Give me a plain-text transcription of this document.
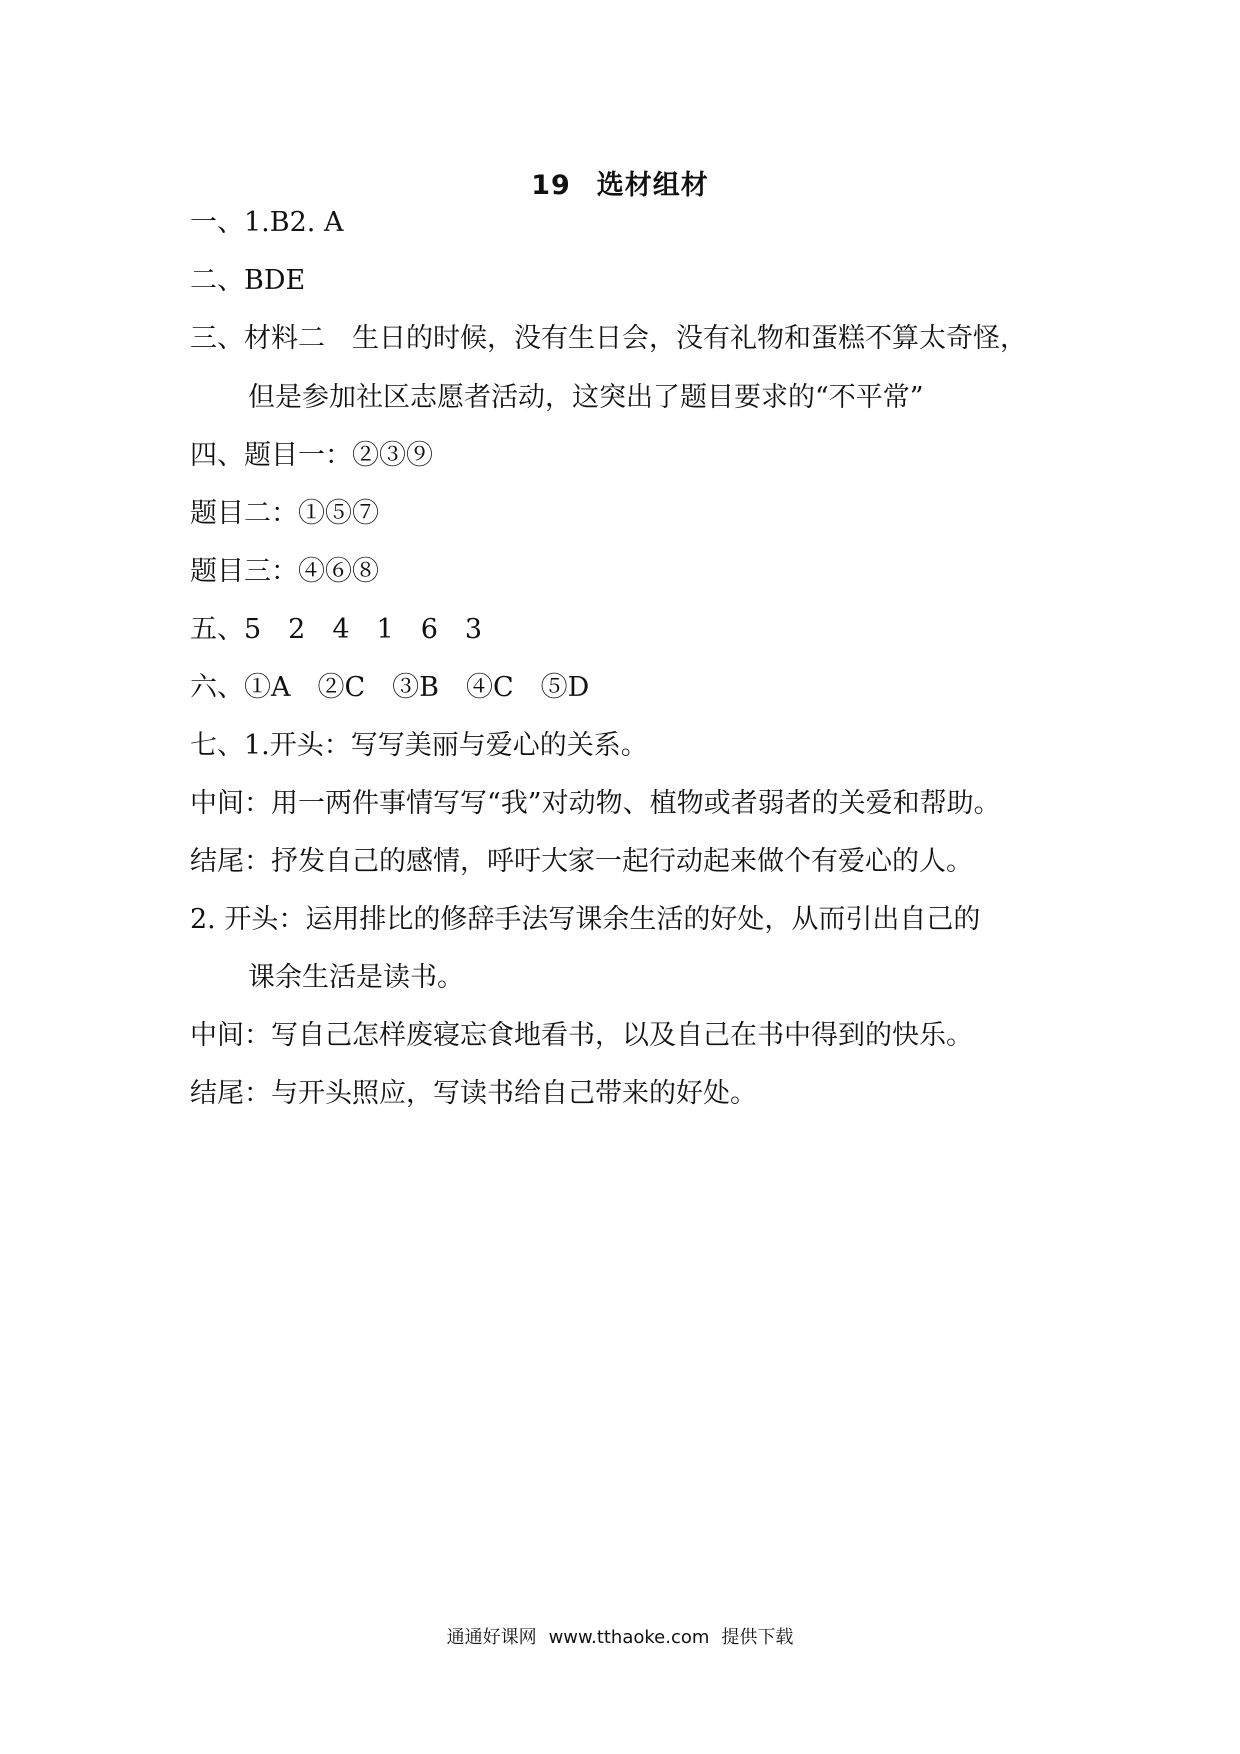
19 选材组材
一、1.B2. A
二、BDE
三、材料二　生日的时候，没有生日会，没有礼物和蛋糕不算太奇怪，
但是参加社区志愿者活动，这突出了题目要求的“不平常”
四、题目一：②③⑨
题目二：①⑤⑦
题目三：④⑥⑧
五、5　2　4　1　6　3
六、①A　②C　③B　④C　⑤D
七、1.开头：写写美丽与爱心的关系。
中间：用一两件事情写写“我”对动物、植物或者弱者的关爱和帮助。
结尾：抒发自己的感情，呼吁大家一起行动起来做个有爱心的人。
2. 开头：运用排比的修辞手法写课余生活的好处，从而引出自己的
课余生活是读书。
中间：写自己怎样废寝忘食地看书，以及自己在书中得到的快乐。
结尾：与开头照应，写读书给自己带来的好处。
通通好课网 www.tthaoke.com 提供下载
